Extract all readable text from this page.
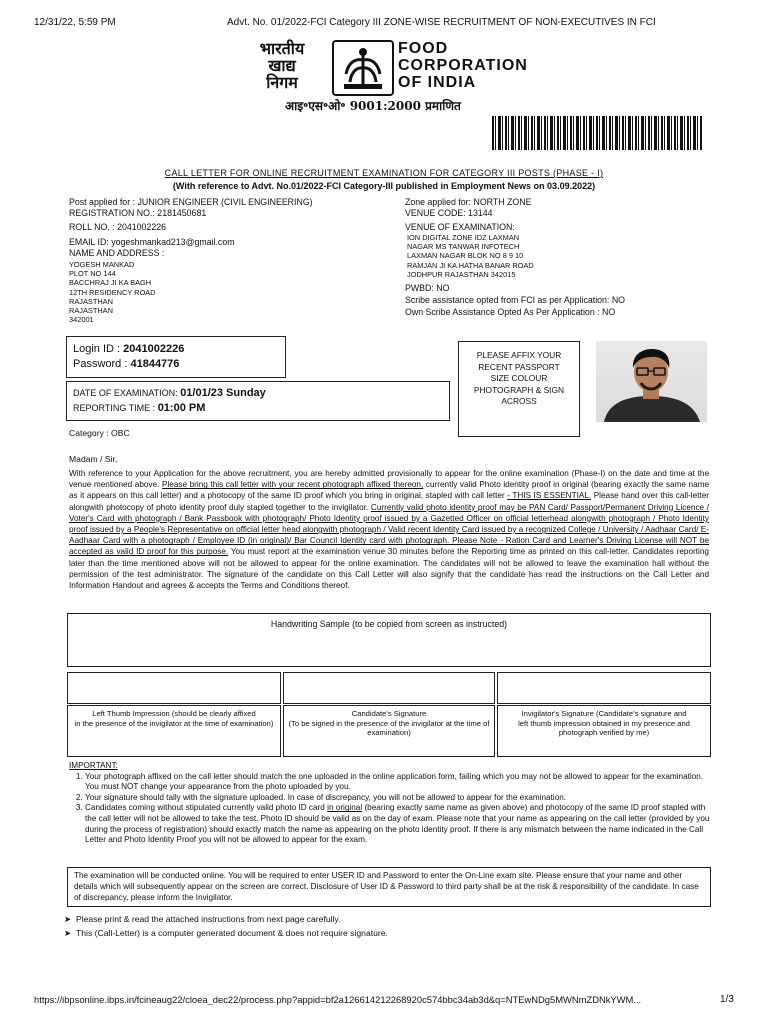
12/31/22, 5:59 PM	Advt. No. 01/2022-FCI Category III ZONE-WISE RECRUITMENT OF NON-EXECUTIVES IN FCI
भारतीय
खाद्य
निगम
FOOD
CORPORATION
OF INDIA
आइ॰एस॰ओ॰ 9001:2000 प्रमाणित
CALL LETTER FOR ONLINE RECRUITMENT EXAMINATION FOR CATEGORY III POSTS (PHASE - I)
(With reference to Advt. No.01/2022-FCI Category-III published in Employment News on 03.09.2022)
Post applied for : JUNIOR ENGINEER (CIVIL ENGINEERING)
REGISTRATION NO.: 2181450681
ROLL NO. : 2041002226
EMAIL ID: yogeshmankad213@gmail.com
NAME AND ADDRESS :
YOGESH MANKAD
PLOT NO 144
BACCHRAJ JI KA BAGH
12TH RESIDENCY ROAD
RAJASTHAN
RAJASTHAN
342001
Zone applied for: NORTH ZONE
VENUE CODE: 13144
VENUE OF EXAMINATION:
ION DIGITAL ZONE IDZ LAXMAN
NAGAR MS TANWAR INFOTECH
LAXMAN NAGAR BLOK NO 8 9 10
RAMJAN JI KA HATHA BANAR ROAD
JODHPUR RAJASTHAN 342015
PWBD: NO
Scribe assistance opted from FCI as per Application: NO
Own Scribe Assistance Opted As Per Application : NO
Login ID : 2041002226
Password : 41844776
DATE OF EXAMINATION: 01/01/23 Sunday
REPORTING TIME : 01:00 PM
PLEASE AFFIX YOUR RECENT PASSPORT SIZE COLOUR PHOTOGRAPH & SIGN ACROSS
Category : OBC
Madam / Sir,
With reference to your Application for the above recruitment, you are hereby admitted provisionally to appear for the online examination (Phase-I) on the date and time at the venue mentioned above. Please bring this call letter with your recent photograph affixed thereon, currently valid Photo identity proof in original (bearing exactly the same name as it appears on this call letter) and a photocopy of the same ID proof which you bring in original, stapled with call letter - THIS IS ESSENTIAL. Please hand over this call-letter alongwith photocopy of photo identity proof duly stapled together to the invigilator. Currently valid photo identity proof may be PAN Card/ Passport/Permanent Driving Licence / Voter's Card with photograph / Bank Passbook with photograph/ Photo Identity proof issued by a Gazetted Officer on official letterhead alongwith photograph / Photo Identity proof issued by a People's Representative on official letter head alongwith photograph / Valid recent Identity Card issued by a recognized College / University / Aadhaar Card/ E-Aadhaar Card with a photograph / Employee ID (in original)/ Bar Council Identity card with photograph. Please Note - Ration Card and Learner's Driving License will NOT be accepted as valid ID proof for this purpose. You must report at the examination venue 30 minutes before the Reporting time as printed on this call-letter. Candidates reporting later than the time mentioned above will not be allowed to appear for the online examination. The candidates will not be allowed to leave the examination hall without the permission of the test administrator. The signature of the candidate on this Call Letter will also signify that the candidate has read the instructions on the Call Letter and Information Handout and agrees & accepts the Terms and Conditions thereof.
Handwriting Sample (to be copied from screen as instructed)
Left Thumb Impression (should be clearly affixed
in the presence of the invigilator at the time of examination)
Candidate's Signature
(To be signed in the presence of the invigilator at the time of examination)
Invigilator's Signature (Candidate's signature and
left thumb impression obtained in my presence and photograph verified by me)
IMPORTANT:
1. Your photograph affixed on the call letter should match the one uploaded in the online application form, failing which you may not be allowed to appear for the examination. You must NOT change your appearance from the photo uploaded by you.
2. Your signature should tally with the signature uploaded. In case of discrepancy, you will not be allowed to appear for the examination.
3. Candidates coming without stipulated currently valid photo ID card in original (bearing exactly same name as given above) and photocopy of the same ID proof stapled with the call letter will not be allowed to take the test. Photo ID should be valid as on the day of exam. Please note that your name as appearing on the call letter (provided by you during the process of registration) should exactly match the name as appearing on the photo identity proof. If there is any mismatch between the name indicated in the Call Letter and Photo Identity Proof you will not be allowed to appear for the exam.
The examination will be conducted online. You will be required to enter USER ID and Password to enter the On-Line exam site. Please ensure that your name and other details which will subsequently appear on the screen are correct. Disclosure of User ID & Password to third party shall be at the risk & responsibility of the candidate. In case of discrepancy, please inform the Invigilator.
➤ Please print & read the attached instructions from next page carefully.
➤ This (Call-Letter) is a computer generated document & does not require signature.
https://ibpsonline.ibps.in/fcineaug22/cloea_dec22/process.php?appid=bf2a126614212268920c574bbc34ab3d&q=NTEwNDg5MWNmZDNkYWM...	1/3
